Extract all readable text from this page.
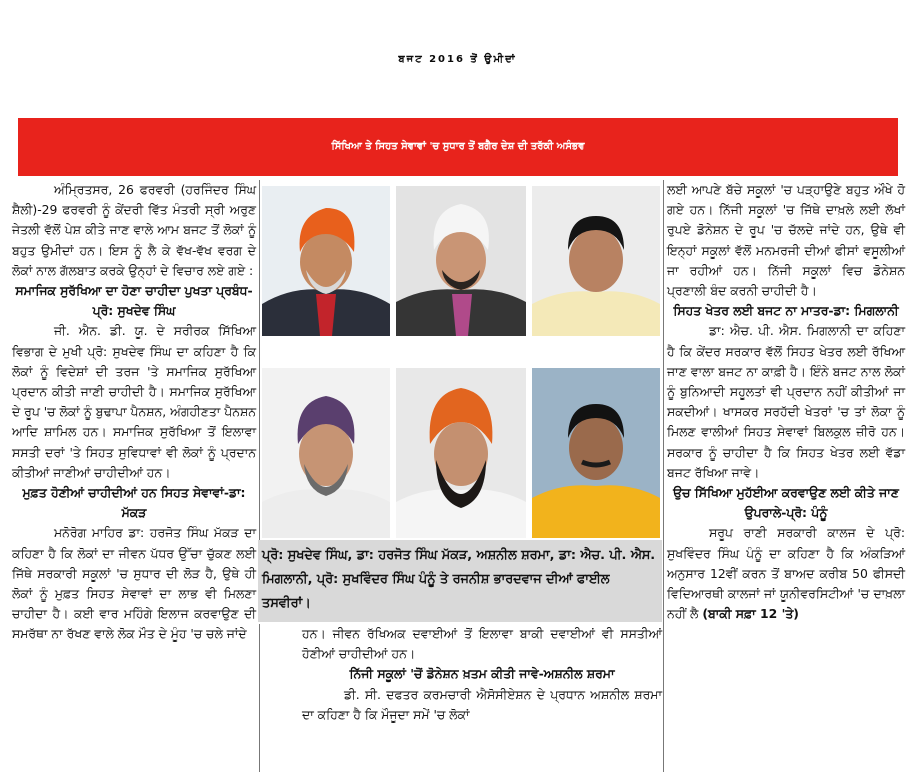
ਬਜਟ 2016 ਤੋਂ ਉਮੀਦਾਂ
ਸਿੱਖਿਆ ਤੇ ਸਿਹਤ ਸੇਵਾਵਾਂ 'ਚ ਸੁਧਾਰ ਤੋਂ ਬਗੈਰ ਦੇਸ਼ ਦੀ ਤਰੱਕੀ ਅਸੰਭਵ

ਅੰਮ੍ਰਿਤਸਰ, 26 ਫਰਵਰੀ (ਹਰਜਿੰਦਰ ਸਿੰਘ ਸ਼ੈਲੀ)-29 ਫਰਵਰੀ ਨੂੰ ਕੇਂਦਰੀ ਵਿੱਤ ਮੰਤਰੀ ਸ੍ਰੀ ਅਰੁਣ ਜੇਤਲੀ ਵੱਲੋਂ ਪੇਸ਼ ਕੀਤੇ ਜਾਣ ਵਾਲੇ ਆਮ ਬਜਟ ਤੋਂ ਲੋਕਾਂ ਨੂੰ ਬਹੁਤ ਉਮੀਦਾਂ ਹਨ। ਇਸ ਨੂੰ ਲੈ ਕੇ ਵੱਖ-ਵੱਖ ਵਰਗ ਦੇ ਲੋਕਾਂ ਨਾਲ ਗੱਲਬਾਤ ਕਰਕੇ ਉਨ੍ਹਾਂ ਦੇ ਵਿਚਾਰ ਲਏ ਗਏ :

ਸਮਾਜਿਕ ਸੁਰੱਖਿਆ ਦਾ ਹੋਣਾ ਚਾਹੀਦਾ ਪੁਖਤਾ ਪ੍ਰਬੰਧ-ਪ੍ਰੋ: ਸੁਖਦੇਵ ਸਿੰਘ

ਜੀ. ਐਨ. ਡੀ. ਯੂ. ਦੇ ਸਰੀਰਕ ਸਿੱਖਿਆ ਵਿਭਾਗ ਦੇ ਮੁਖੀ ਪ੍ਰੋ: ਸੁਖਦੇਵ ਸਿੰਘ ਦਾ ਕਹਿਣਾ ਹੈ ਕਿ ਲੋਕਾਂ ਨੂੰ ਵਿਦੇਸ਼ਾਂ ਦੀ ਤਰਜ 'ਤੇ ਸਮਾਜਿਕ ਸੁਰੱਖਿਆ ਪ੍ਰਦਾਨ ਕੀਤੀ ਜਾਣੀ ਚਾਹੀਦੀ ਹੈ। ਸਮਾਜਿਕ ਸੁਰੱਖਿਆ ਦੇ ਰੂਪ 'ਚ ਲੋਕਾਂ ਨੂੰ ਬੁਢਾਪਾ ਪੈਨਸ਼ਨ, ਅੰਗਹੀਣਤਾ ਪੈਨਸ਼ਨ ਆਦਿ ਸ਼ਾਮਿਲ ਹਨ। ਸਮਾਜਿਕ ਸੁਰੱਖਿਆ ਤੋਂ ਇਲਾਵਾ ਸਸਤੀ ਦਰਾਂ 'ਤੇ ਸਿਹਤ ਸੁਵਿਧਾਵਾਂ ਵੀ ਲੋਕਾਂ ਨੂੰ ਪ੍ਰਦਾਨ ਕੀਤੀਆਂ ਜਾਣੀਆਂ ਚਾਹੀਦੀਆਂ ਹਨ।

ਮੁਫ਼ਤ ਹੋਣੀਆਂ ਚਾਹੀਦੀਆਂ ਹਨ ਸਿਹਤ ਸੇਵਾਵਾਂ-ਡਾ: ਮੱਕੜ

ਮਨੋਰੋਗ ਮਾਹਿਰ ਡਾ: ਹਰਜੋਤ ਸਿੰਘ ਮੱਕੜ ਦਾ ਕਹਿਣਾ ਹੈ ਕਿ ਲੋਕਾਂ ਦਾ ਜੀਵਨ ਪੱਧਰ ਉੱਚਾ ਚੁੱਕਣ ਲਈ ਜਿੱਥੇ ਸਰਕਾਰੀ ਸਕੂਲਾਂ 'ਚ ਸੁਧਾਰ ਦੀ ਲੋੜ ਹੈ, ਉਥੇ ਹੀ ਲੋਕਾਂ ਨੂੰ ਮੁਫ਼ਤ ਸਿਹਤ ਸੇਵਾਵਾਂ ਦਾ ਲਾਭ ਵੀ ਮਿਲਣਾ ਚਾਹੀਦਾ ਹੈ। ਕਈ ਵਾਰ ਮਹਿੰਗੇ ਇਲਾਜ ਕਰਵਾਉਣ ਦੀ ਸਮਰੱਥਾ ਨਾ ਰੱਖਣ ਵਾਲੇ ਲੋਕ ਮੌਤ ਦੇ ਮੂੰਹ 'ਚ ਚਲੇ ਜਾਂਦੇ

ਪ੍ਰੋ: ਸੁਖਦੇਵ ਸਿੰਘ, ਡਾ: ਹਰਜੋਤ ਸਿੰਘ ਮੱਕੜ, ਅਸ਼ਨੀਲ ਸ਼ਰਮਾ, ਡਾ: ਐਚ. ਪੀ. ਐਸ. ਮਿਗਲਾਨੀ, ਪ੍ਰੋ: ਸੁਖਵਿੰਦਰ ਸਿੰਘ ਪੰਨੂੰ ਤੇ ਰਜਨੀਸ਼ ਭਾਰਦਵਾਜ ਦੀਆਂ ਫਾਈਲ ਤਸਵੀਰਾਂ।

ਹਨ। ਜੀਵਨ ਰੱਖਿਅਕ ਦਵਾਈਆਂ ਤੋਂ ਇਲਾਵਾ ਬਾਕੀ ਦਵਾਈਆਂ ਵੀ ਸਸਤੀਆਂ ਹੋਣੀਆਂ ਚਾਹੀਦੀਆਂ ਹਨ।

ਨਿੱਜੀ ਸਕੂਲਾਂ 'ਚੋਂ ਡੋਨੇਸ਼ਨ ਖ਼ਤਮ ਕੀਤੀ ਜਾਵੇ-ਅਸ਼ਨੀਲ ਸ਼ਰਮਾ

ਡੀ. ਸੀ. ਦਫਤਰ ਕਰਮਚਾਰੀ ਐਸੋਸੀਏਸ਼ਨ ਦੇ ਪ੍ਰਧਾਨ ਅਸ਼ਨੀਲ ਸ਼ਰਮਾ ਦਾ ਕਹਿਣਾ ਹੈ ਕਿ ਮੌਜੂਦਾ ਸਮੇਂ 'ਚ ਲੋਕਾਂ

ਲਈ ਆਪਣੇ ਬੱਚੇ ਸਕੂਲਾਂ 'ਚ ਪੜ੍ਹਾਉਣੇ ਬਹੁਤ ਔਖੇ ਹੋ ਗਏ ਹਨ। ਨਿੱਜੀ ਸਕੂਲਾਂ 'ਚ ਜਿੱਥੇ ਦਾਖ਼ਲੇ ਲਈ ਲੱਖਾਂ ਰੁਪਏ ਡੋਨੇਸ਼ਨ ਦੇ ਰੂਪ 'ਚ ਚੱਲਦੇ ਜਾਂਦੇ ਹਨ, ਉਥੇ ਵੀ ਇਨ੍ਹਾਂ ਸਕੂਲਾਂ ਵੱਲੋਂ ਮਨਮਰਜੀ ਦੀਆਂ ਫੀਸਾਂ ਵਸੂਲੀਆਂ ਜਾ ਰਹੀਆਂ ਹਨ। ਨਿੱਜੀ ਸਕੂਲਾਂ ਵਿਚ ਡੋਨੇਸ਼ਨ ਪ੍ਰਣਾਲੀ ਬੰਦ ਕਰਨੀ ਚਾਹੀਦੀ ਹੈ।

ਸਿਹਤ ਖੇਤਰ ਲਈ ਬਜਟ ਨਾ ਮਾਤਰ-ਡਾ: ਮਿਗਲਾਨੀ

ਡਾ: ਐਚ. ਪੀ. ਐਸ. ਮਿਗਲਾਨੀ ਦਾ ਕਹਿਣਾ ਹੈ ਕਿ ਕੇਂਦਰ ਸਰਕਾਰ ਵੱਲੋਂ ਸਿਹਤ ਖੇਤਰ ਲਈ ਰੱਖਿਆ ਜਾਣ ਵਾਲਾ ਬਜਟ ਨਾ ਕਾਫ਼ੀ ਹੈ। ਇੰਨੇ ਬਜਟ ਨਾਲ ਲੋਕਾਂ ਨੂੰ ਬੁਨਿਆਦੀ ਸਹੂਲਤਾਂ ਵੀ ਪ੍ਰਦਾਨ ਨਹੀਂ ਕੀਤੀਆਂ ਜਾ ਸਕਦੀਆਂ। ਖਾਸਕਰ ਸਰਹੱਦੀ ਖੇਤਰਾਂ 'ਚ ਤਾਂ ਲੋਕਾ ਨੂੰ ਮਿਲਣ ਵਾਲੀਆਂ ਸਿਹਤ ਸੇਵਾਵਾਂ ਬਿਲਕੁਲ ਜ਼ੀਰੋ ਹਨ। ਸਰਕਾਰ ਨੂੰ ਚਾਹੀਦਾ ਹੈ ਕਿ ਸਿਹਤ ਖੇਤਰ ਲਈ ਵੱਡਾ ਬਜਟ ਰੱਖਿਆ ਜਾਵੇ।

ਉਚ ਸਿੱਖਿਆ ਮੁਹੱਈਆ ਕਰਵਾਉਣ ਲਈ ਕੀਤੇ ਜਾਣ ਉਪਰਾਲੇ-ਪ੍ਰੋ: ਪੰਨੂੰ

ਸਰੂਪ ਰਾਣੀ ਸਰਕਾਰੀ ਕਾਲਜ ਦੇ ਪ੍ਰੋ: ਸੁਖਵਿੰਦਰ ਸਿੰਘ ਪੰਨੂੰ ਦਾ ਕਹਿਣਾ ਹੈ ਕਿ ਅੰਕੜਿਆਂ ਅਨੁਸਾਰ 12ਵੀਂ ਕਰਨ ਤੋਂ ਬਾਅਦ ਕਰੀਬ 50 ਫੀਸਦੀ ਵਿਦਿਆਰਥੀ ਕਾਲਜਾਂ ਜਾਂ ਯੂਨੀਵਰਸਿਟੀਆਂ 'ਚ ਦਾਖ਼ਲਾ ਨਹੀਂ ਲੈ (ਬਾਕੀ ਸਫ਼ਾ 12 'ਤੇ)
